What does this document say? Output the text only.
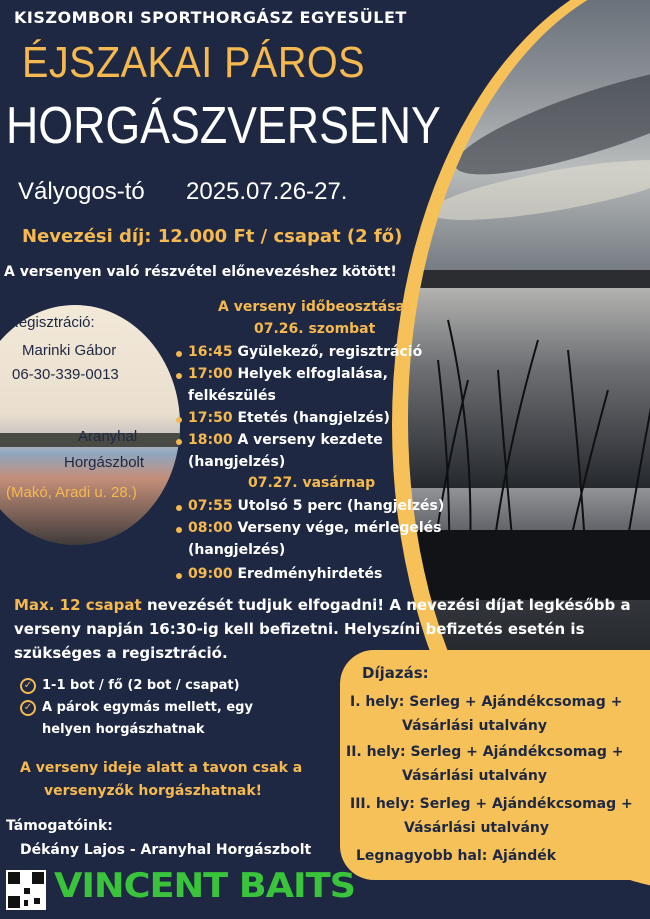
KISZOMBORI SPORTHORGÁSZ EGYESÜLET
ÉJSZAKAI PÁROS
HORGÁSZVERSENY
Vályogos-tó 2025.07.26-27.
Nevezési díj: 12.000 Ft / csapat (2 fő)
A versenyen való részvétel előnevezéshez kötött!
Regisztráció:
Marinki Gábor
06-30-339-0013
Aranyhal
Horgászbolt
(Makó, Aradi u. 28.)
A verseny időbeosztása:
07.26. szombat
16:45 Gyülekező, regisztráció
17:00 Helyek elfoglalása,
felkészülés
17:50 Etetés (hangjelzés)
18:00 A verseny kezdete
(hangjelzés)
07.27. vasárnap
07:55 Utolsó 5 perc (hangjelzés)
08:00 Verseny vége, mérlegelés
(hangjelzés)
09:00 Eredményhirdetés
Max. 12 csapat nevezését tudjuk elfogadni! A nevezési díjat legkésőbb a
verseny napján 16:30-ig kell befizetni. Helyszíni befizetés esetén is
szükséges a regisztráció.
✓ 1-1 bot / fő (2 bot / csapat)
✓ A párok egymás mellett, egy
helyen horgászhatnak
A verseny ideje alatt a tavon csak a
versenyzők horgászhatnak!
Támogatóink:
Dékány Lajos - Aranyhal Horgászbolt
Díjazás:
I. hely: Serleg + Ajándékcsomag +
Vásárlási utalvány
II. hely: Serleg + Ajándékcsomag +
Vásárlási utalvány
III. hely: Serleg + Ajándékcsomag +
Vásárlási utalvány
Legnagyobb hal: Ajándék
VINCENT BAITS
